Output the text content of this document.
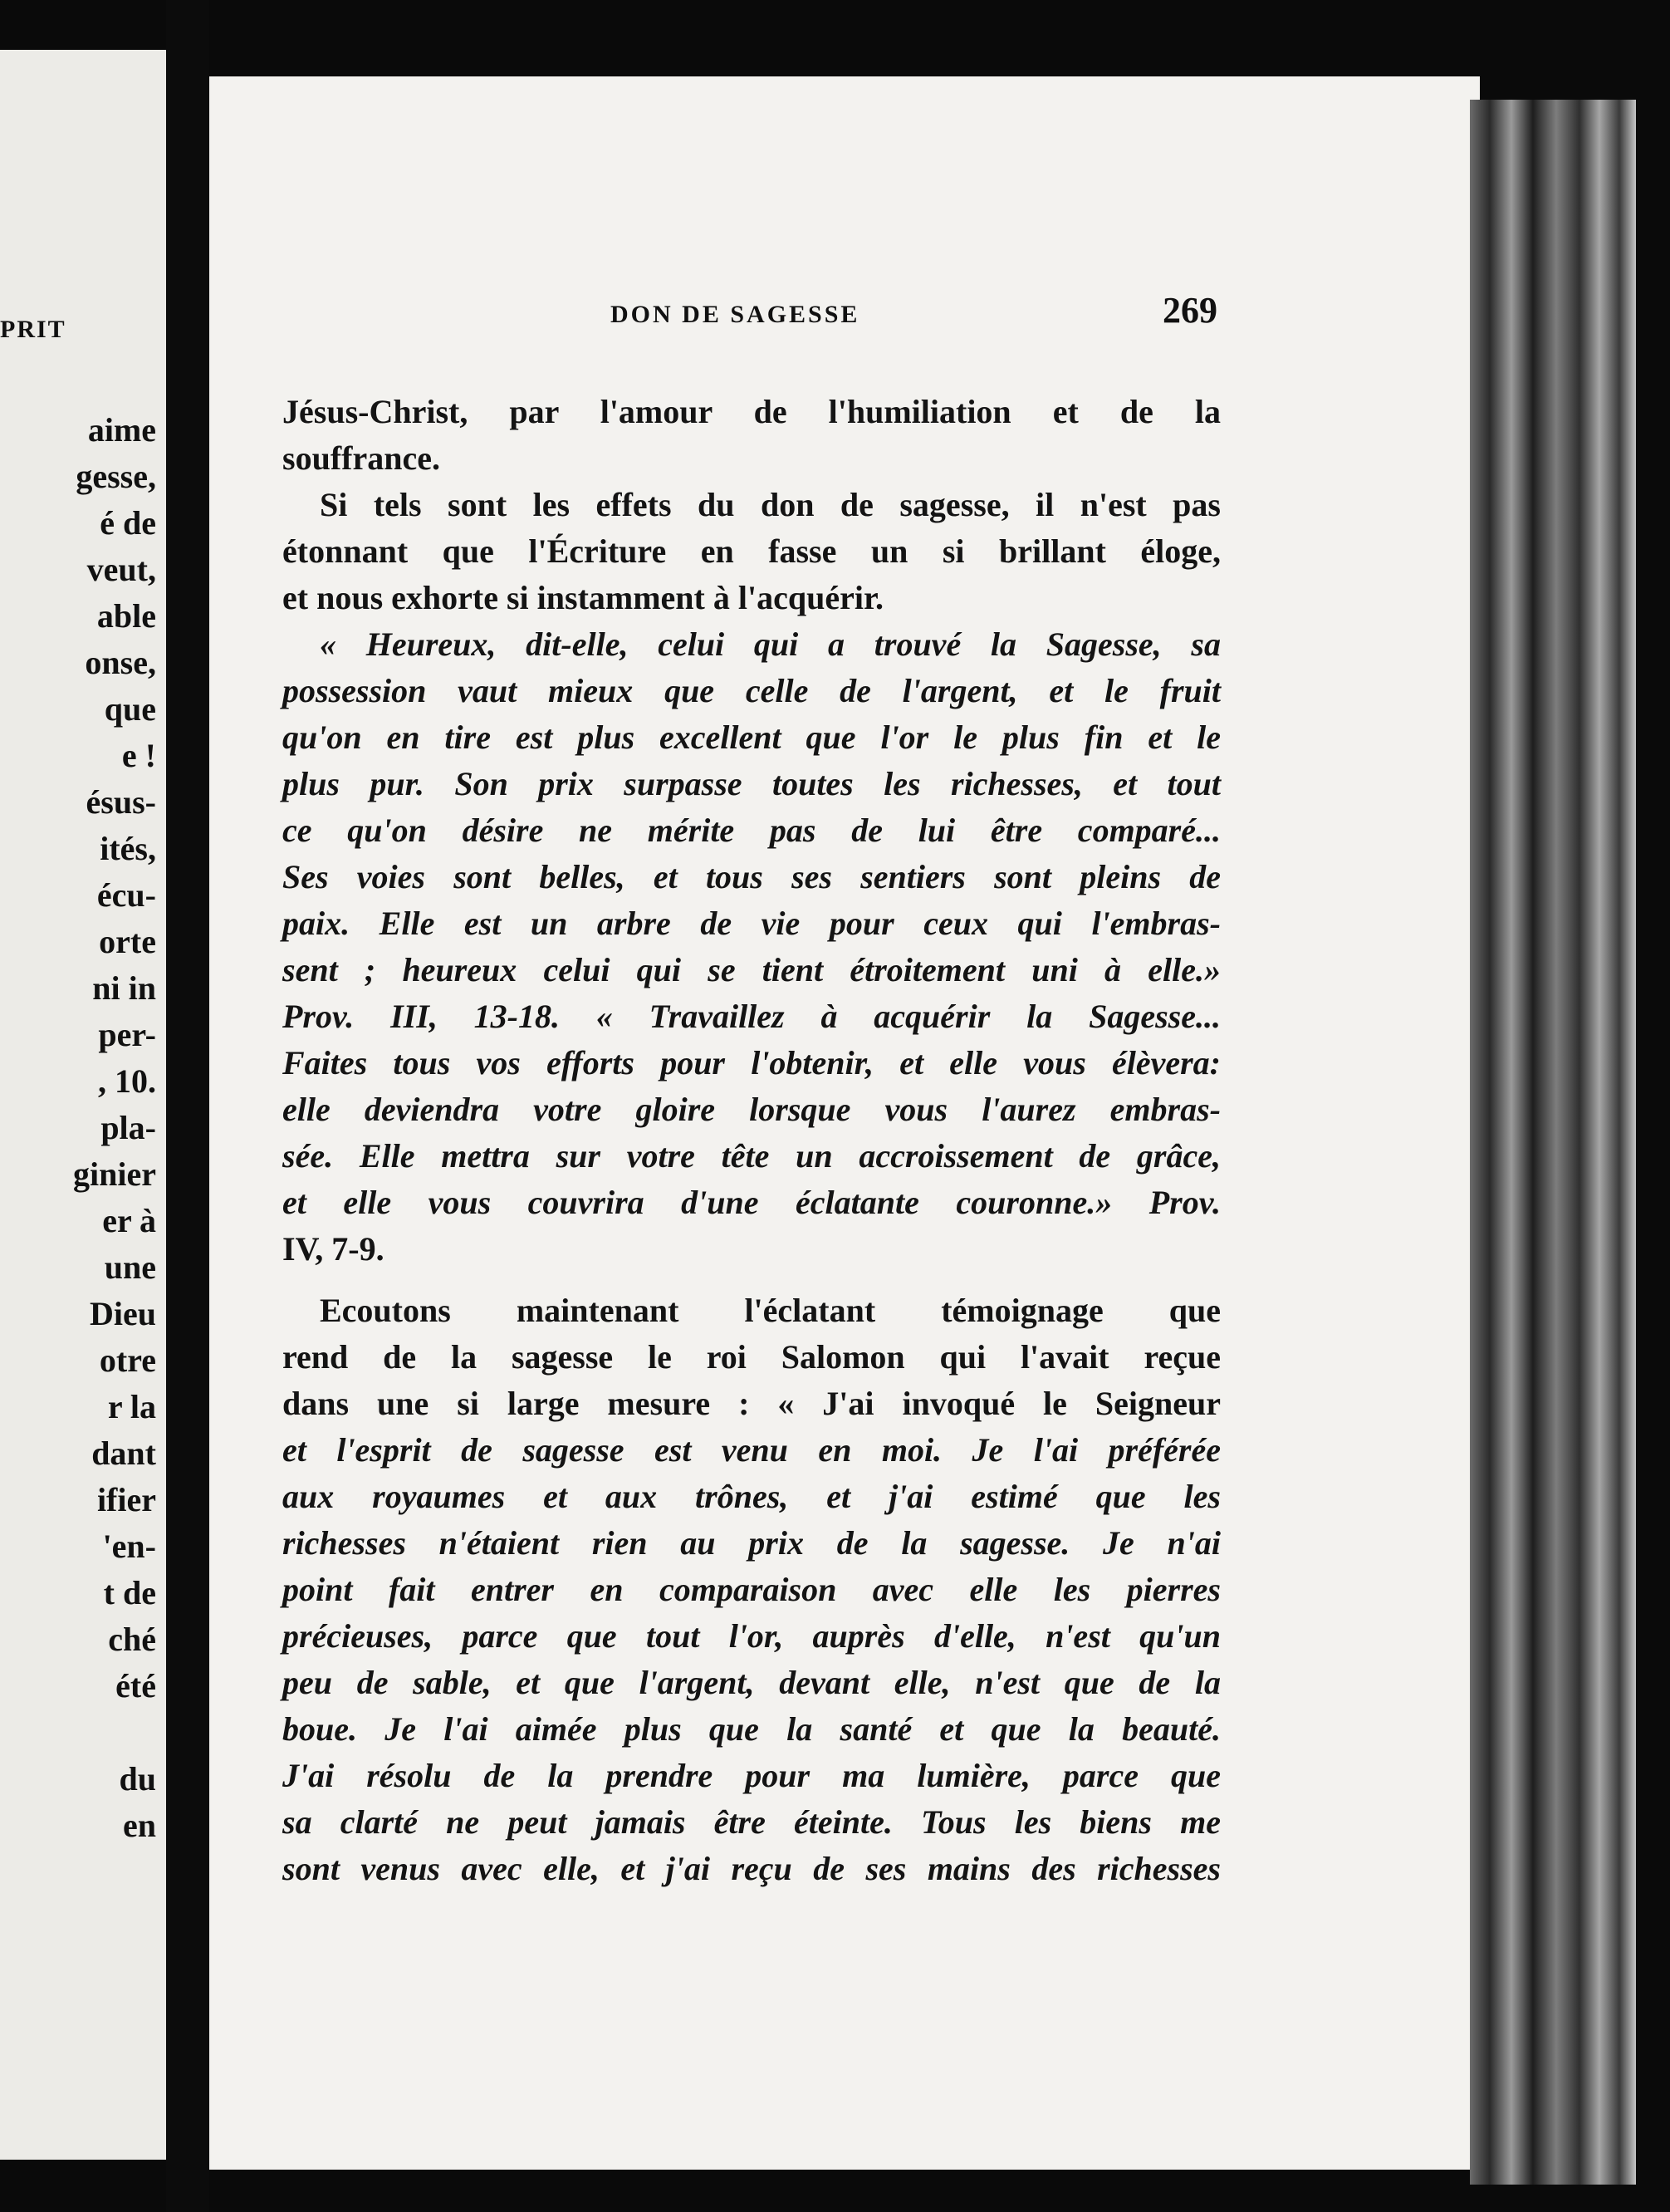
PRIT
aime
gesse,
é de
veut,
able
onse,
que
e !
ésus-
ités,
écu-
orte
ni in
per-
, 10.
pla-
ginier
er à
une
Dieu
otre
r la
dant
ifier
'en-
t de
ché
été
du
en
DON DE SAGESSE	269
Jésus-Christ, par l'amour de l'humiliation et de la
souffrance.
Si tels sont les effets du don de sagesse, il n'est pas
étonnant que l'Écriture en fasse un si brillant éloge,
et nous exhorte si instamment à l'acquérir.
« Heureux, dit-elle, celui qui a trouvé la Sagesse, sa
possession vaut mieux que celle de l'argent, et le fruit
qu'on en tire est plus excellent que l'or le plus fin et le
plus pur. Son prix surpasse toutes les richesses, et tout
ce qu'on désire ne mérite pas de lui être comparé...
Ses voies sont belles, et tous ses sentiers sont pleins de
paix. Elle est un arbre de vie pour ceux qui l'embras-
sent ; heureux celui qui se tient étroitement uni à elle.»
Prov. III, 13-18. « Travaillez à acquérir la Sagesse...
Faites tous vos efforts pour l'obtenir, et elle vous élèvera:
elle deviendra votre gloire lorsque vous l'aurez embras-
sée. Elle mettra sur votre tête un accroissement de grâce,
et elle vous couvrira d'une éclatante couronne.» Prov.
IV, 7-9.
Ecoutons maintenant l'éclatant témoignage que
rend de la sagesse le roi Salomon qui l'avait reçue
dans une si large mesure : « J'ai invoqué le Seigneur
et l'esprit de sagesse est venu en moi. Je l'ai préférée
aux royaumes et aux trônes, et j'ai estimé que les
richesses n'étaient rien au prix de la sagesse. Je n'ai
point fait entrer en comparaison avec elle les pierres
précieuses, parce que tout l'or, auprès d'elle, n'est qu'un
peu de sable, et que l'argent, devant elle, n'est que de la
boue. Je l'ai aimée plus que la santé et que la beauté.
J'ai résolu de la prendre pour ma lumière, parce que
sa clarté ne peut jamais être éteinte. Tous les biens me
sont venus avec elle, et j'ai reçu de ses mains des richesses
